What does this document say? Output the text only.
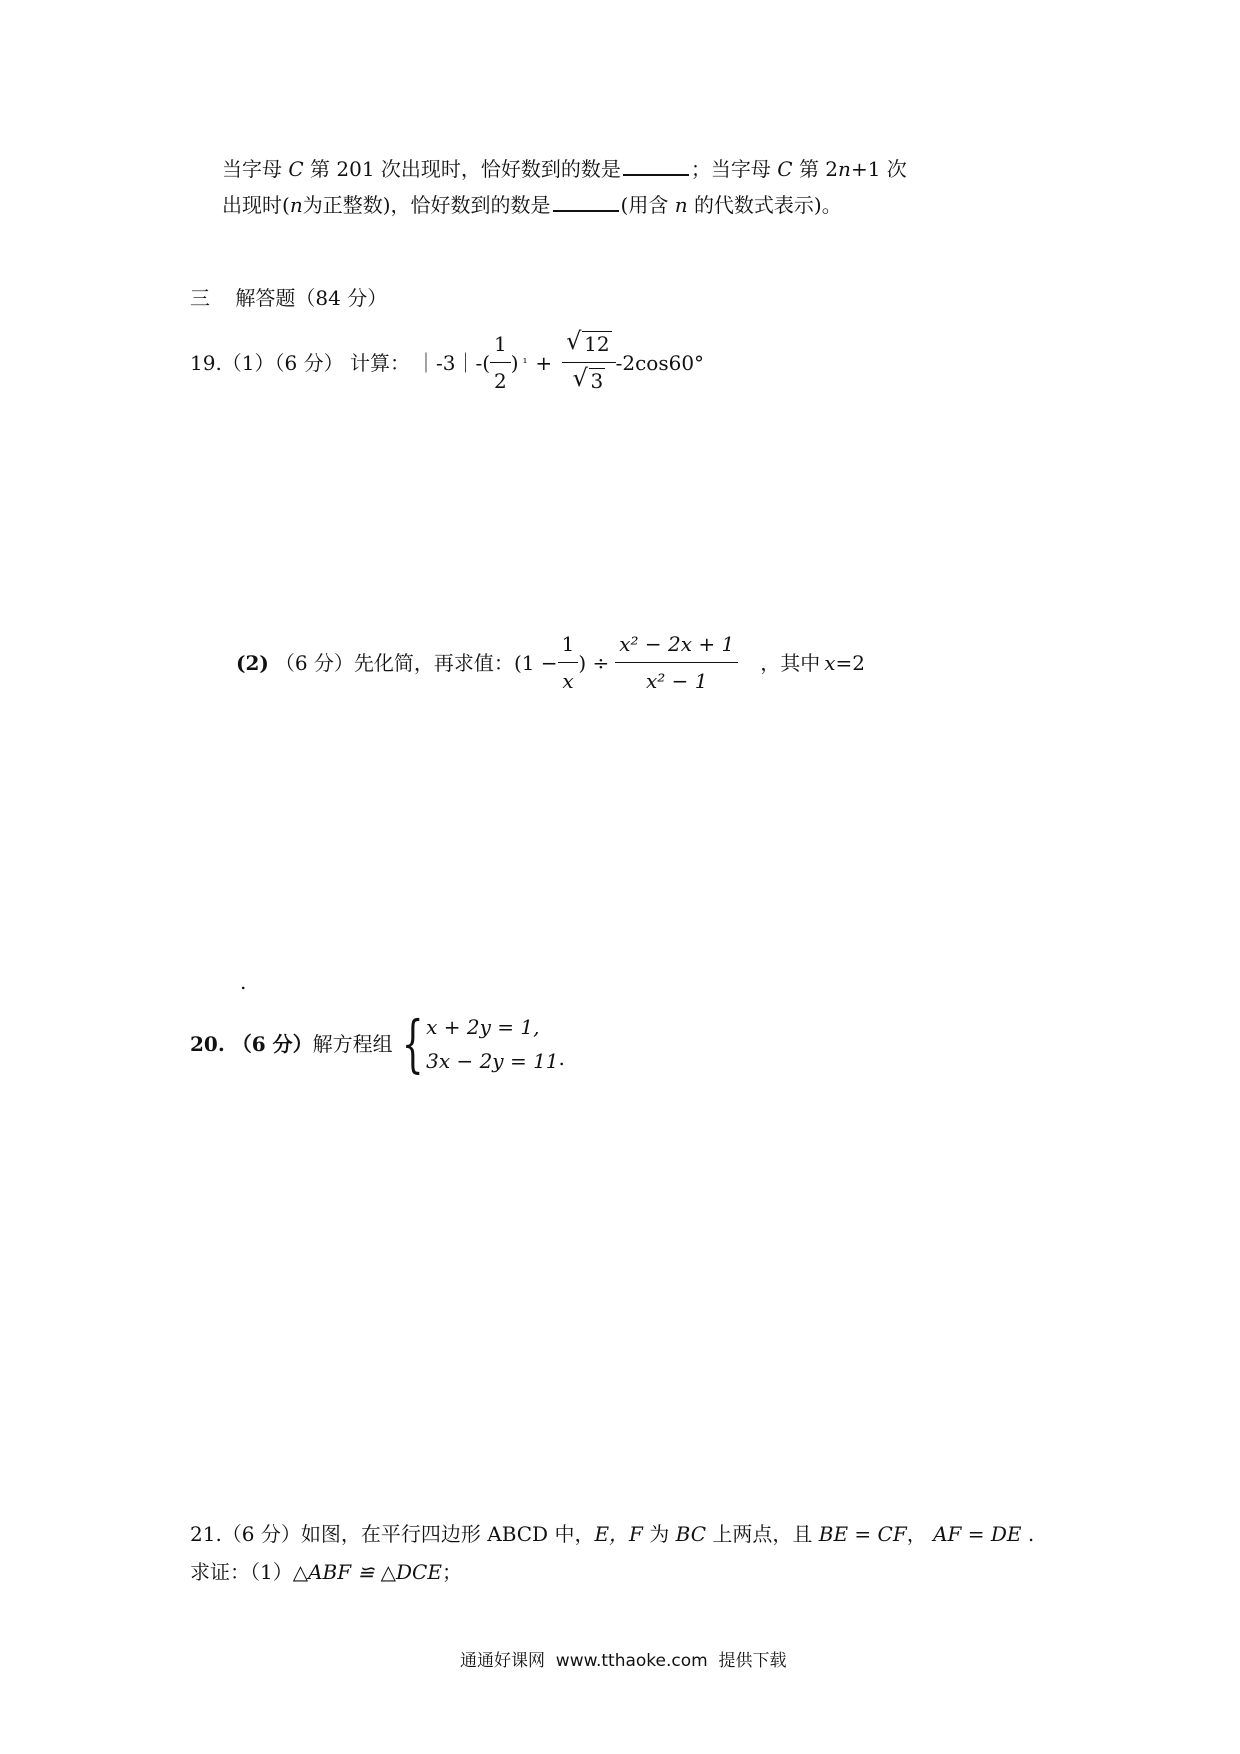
当字母 C 第 201 次出现时，恰好数到的数是	；当字母 C 第 2n+1 次
出现时(n为正整数)，恰好数到的数是	(用含 n 的代数式表示)。
三    解答题（84 分）
19.（1）（6 分） 计算： ｜-3｜-( $\frac{1}{2}$ ) $^1 + \frac{√ 12}{√ 3} -2\cos 60^\circ$
(2) （6 分）先化简，再求值： ($1 - \frac{1}{x}$ ) ÷ $\frac{\text{x² − 2x + 1}}{\text{x² − 1}}$ ，其中 x =2
.
20. （6 分） 解方程组 { x + 2y = 1,
3x − 2y = 11 .
21.（6 分）如图，在平行四边形 ABCD 中，E，F 为 BC 上两点，且 BE = CF， AF = DE .
求证：（1）△ABF ≌ △DCE；
通通好课网  www.tthaoke.com  提供下载
